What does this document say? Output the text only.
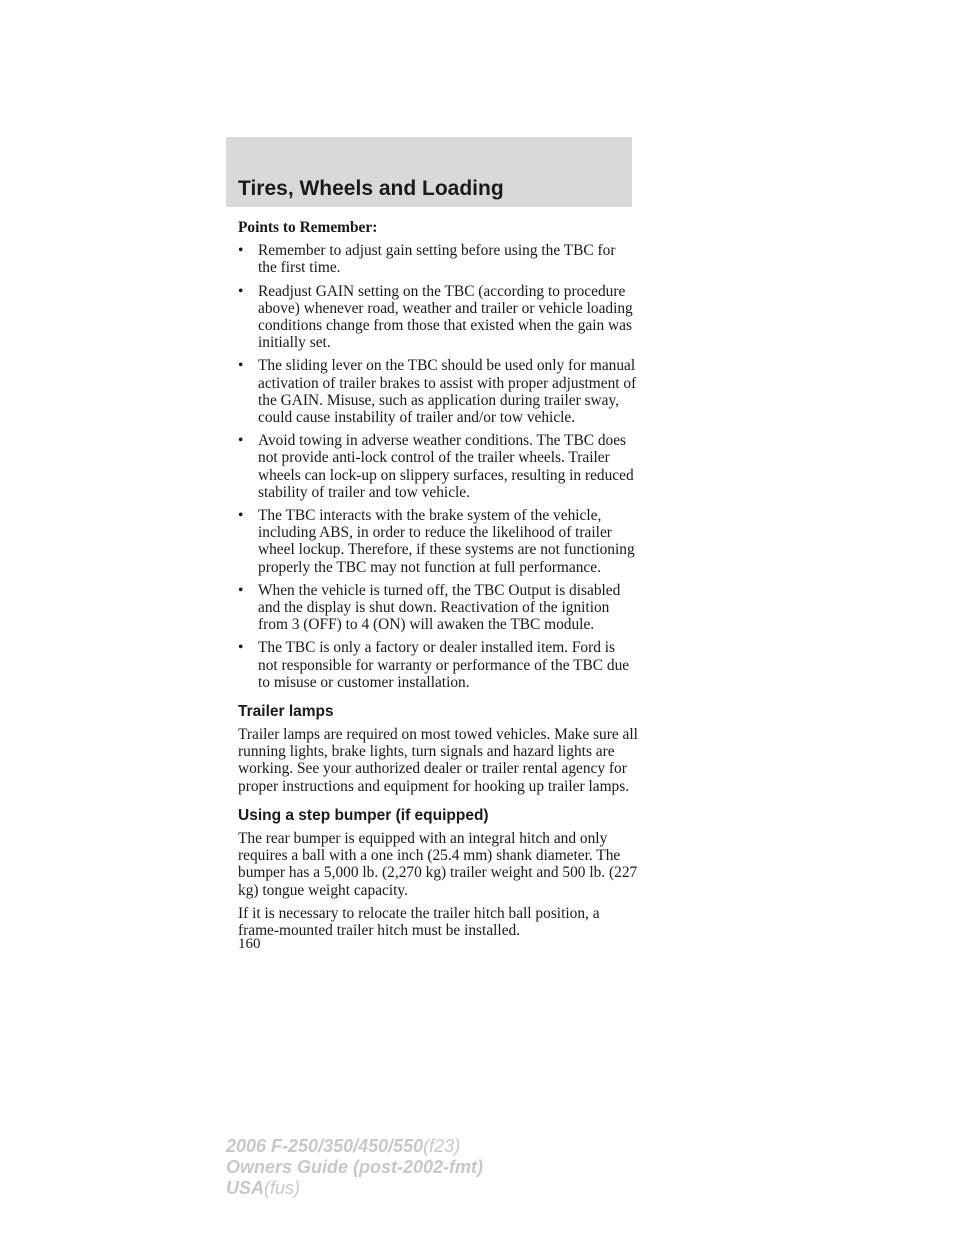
Tires, Wheels and Loading
Points to Remember:
• Remember to adjust gain setting before using the TBC for the first time.
• Readjust GAIN setting on the TBC (according to procedure above) whenever road, weather and trailer or vehicle loading conditions change from those that existed when the gain was initially set.
• The sliding lever on the TBC should be used only for manual activation of trailer brakes to assist with proper adjustment of the GAIN. Misuse, such as application during trailer sway, could cause instability of trailer and/or tow vehicle.
• Avoid towing in adverse weather conditions. The TBC does not provide anti-lock control of the trailer wheels. Trailer wheels can lock-up on slippery surfaces, resulting in reduced stability of trailer and tow vehicle.
• The TBC interacts with the brake system of the vehicle, including ABS, in order to reduce the likelihood of trailer wheel lockup. Therefore, if these systems are not functioning properly the TBC may not function at full performance.
• When the vehicle is turned off, the TBC Output is disabled and the display is shut down. Reactivation of the ignition from 3 (OFF) to 4 (ON) will awaken the TBC module.
• The TBC is only a factory or dealer installed item. Ford is not responsible for warranty or performance of the TBC due to misuse or customer installation.
Trailer lamps

Trailer lamps are required on most towed vehicles. Make sure all running lights, brake lights, turn signals and hazard lights are working. See your authorized dealer or trailer rental agency for proper instructions and equipment for hooking up trailer lamps.

Using a step bumper (if equipped)

The rear bumper is equipped with an integral hitch and only requires a ball with a one inch (25.4 mm) shank diameter. The bumper has a 5,000 lb. (2,270 kg) trailer weight and 500 lb. (227 kg) tongue weight capacity.

If it is necessary to relocate the trailer hitch ball position, a frame-mounted trailer hitch must be installed.

160
2006 F-250/350/450/550(f23)
Owners Guide (post-2002-fmt)
USA(fus)
